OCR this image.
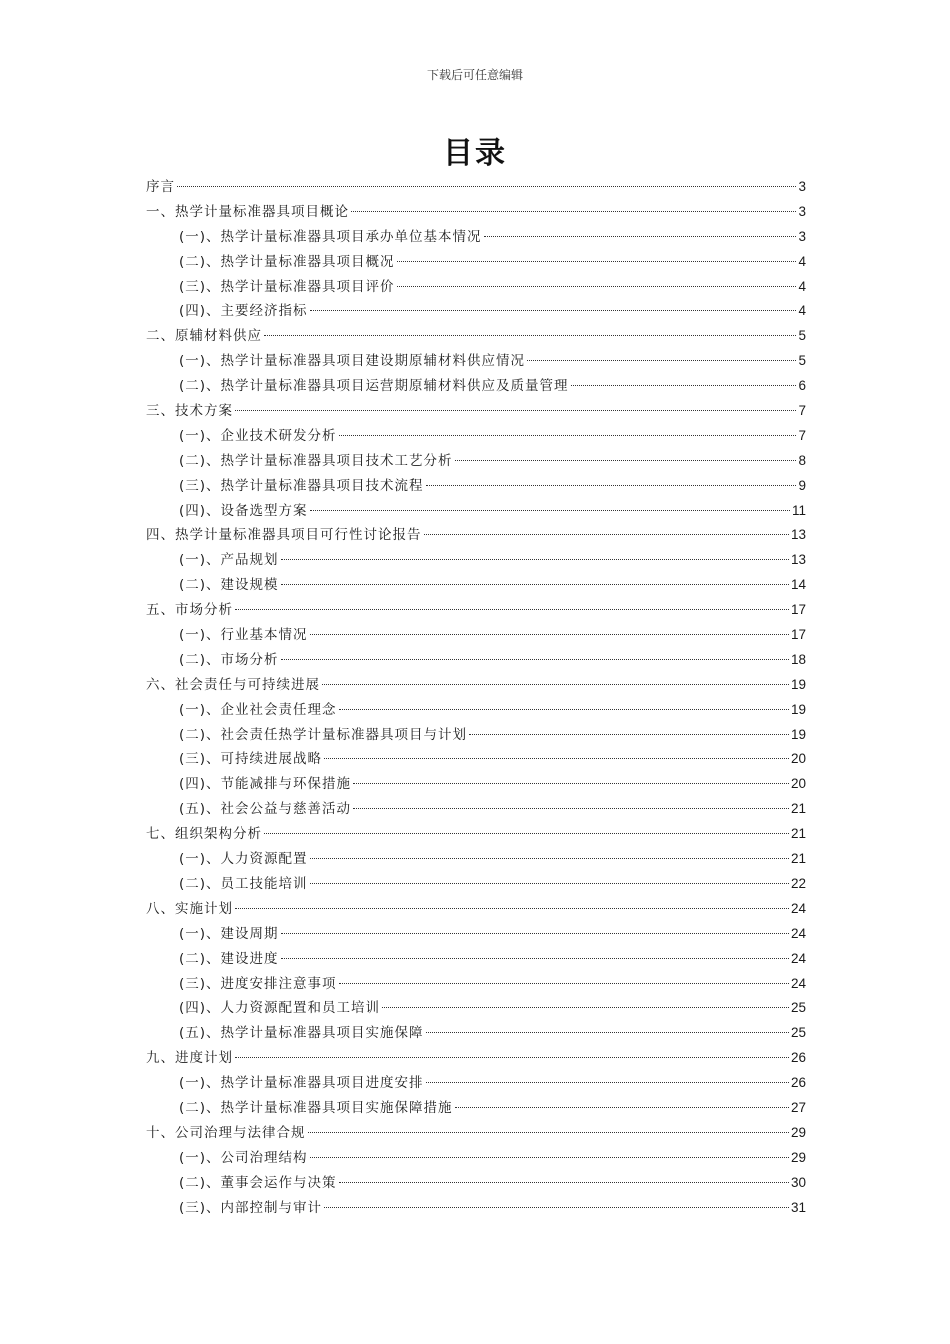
下载后可任意编辑
目录
序言	3
一、热学计量标准器具项目概论	3
(一)、热学计量标准器具项目承办单位基本情况	3
(二)、热学计量标准器具项目概况	4
(三)、热学计量标准器具项目评价	4
(四)、主要经济指标	4
二、原辅材料供应	5
(一)、热学计量标准器具项目建设期原辅材料供应情况	5
(二)、热学计量标准器具项目运营期原辅材料供应及质量管理	6
三、技术方案	7
(一)、企业技术研发分析	7
(二)、热学计量标准器具项目技术工艺分析	8
(三)、热学计量标准器具项目技术流程	9
(四)、设备选型方案	11
四、热学计量标准器具项目可行性讨论报告	13
(一)、产品规划	13
(二)、建设规模	14
五、市场分析	17
(一)、行业基本情况	17
(二)、市场分析	18
六、社会责任与可持续进展	19
(一)、企业社会责任理念	19
(二)、社会责任热学计量标准器具项目与计划	19
(三)、可持续进展战略	20
(四)、节能减排与环保措施	20
(五)、社会公益与慈善活动	21
七、组织架构分析	21
(一)、人力资源配置	21
(二)、员工技能培训	22
八、实施计划	24
(一)、建设周期	24
(二)、建设进度	24
(三)、进度安排注意事项	24
(四)、人力资源配置和员工培训	25
(五)、热学计量标准器具项目实施保障	25
九、进度计划	26
(一)、热学计量标准器具项目进度安排	26
(二)、热学计量标准器具项目实施保障措施	27
十、公司治理与法律合规	29
(一)、公司治理结构	29
(二)、董事会运作与决策	30
(三)、内部控制与审计	31
